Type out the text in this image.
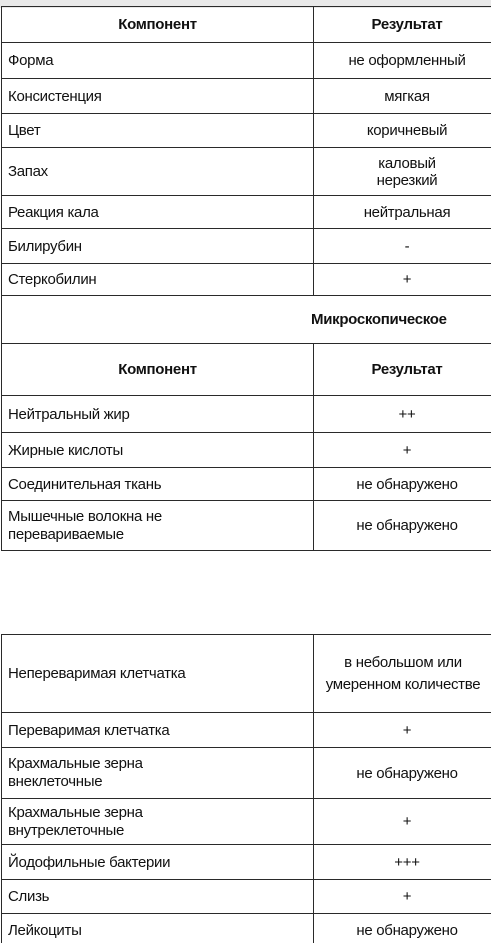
Компонент	Результат
Форма	не оформленный
Консистенция	мягкая
Цвет	коричневый
Запах	каловый нерезкий
Реакция кала	нейтральная
Билирубин	-
Стеркобилин	+
Микроскопическое	
Компонент	Результат
Нейтральный жир	++
Жирные кислоты	+
Соединительная ткань	не обнаружено
Мышечные волокна не перевариваемые	не обнаружено
Непереваримая клетчатка	в небольшом или умеренном количестве
Переваримая клетчатка	+
Крахмальные зерна внеклеточные	не обнаружено
Крахмальные зерна внутреклеточные	+
Йодофильные бактерии	+++
Слизь	+
Лейкоциты	не обнаружено
